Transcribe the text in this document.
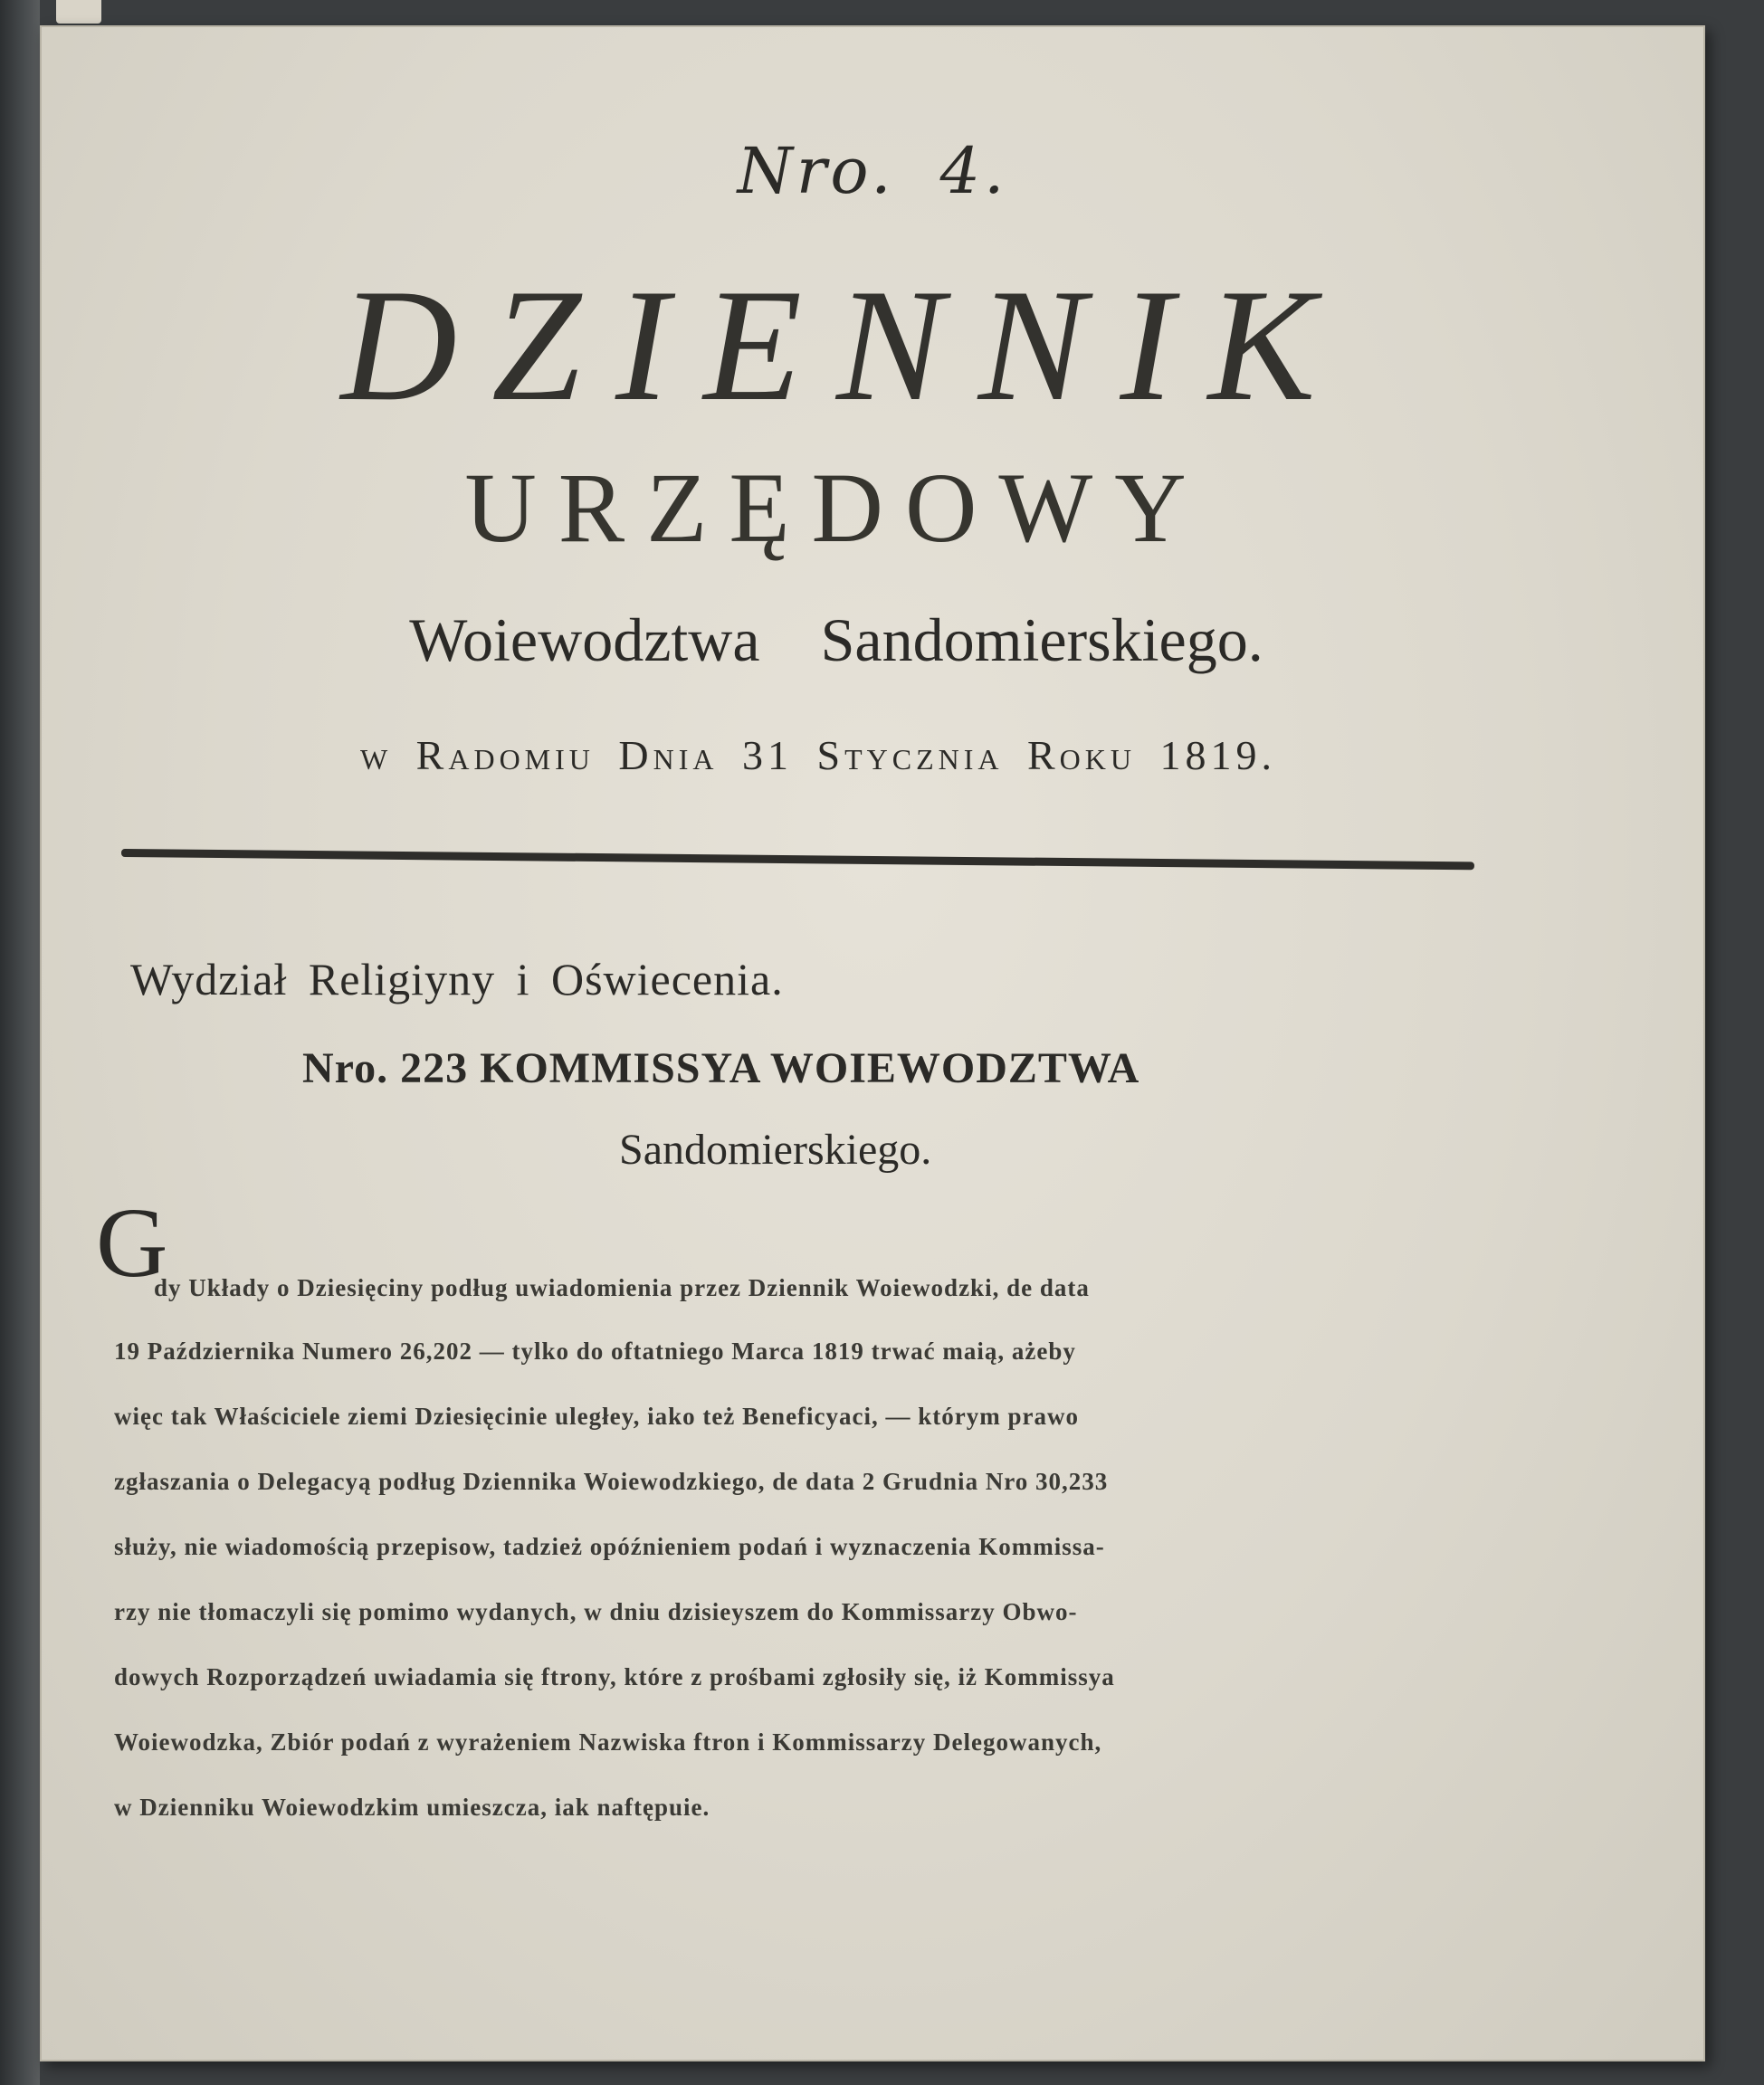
Nro. 4.
DZIENNIK
URZĘDOWY
Woiewodztwa Sandomierskiego.
w Radomiu Dnia 31 Stycznia Roku 1819.
Wydział Religiyny i Oświecenia.
Nro. 223 KOMMISSYA WOIEWODZTWA
Sandomierskiego.
G
dy Układy o Dziesięciny podług uwiadomienia przez Dziennik Woiewodzki, de data
19 Października Numero 26,202 — tylko do oftatniego Marca 1819 trwać maią, ażeby
więc tak Właściciele ziemi Dziesięcinie uległey, iako też Beneficyaci, — którym prawo
zgłaszania o Delegacyą podług Dziennika Woiewodzkiego, de data 2 Grudnia Nro 30,233
służy, nie wiadomością przepisow, tadzież opóźnieniem podań i wyznaczenia Kommissa-
rzy nie tłomaczyli się pomimo wydanych, w dniu dzisieyszem do Kommissarzy Obwo-
dowych Rozporządzeń uwiadamia się ftrony, które z prośbami zgłosiły się, iż Kommissya
Woiewodzka, Zbiór podań z wyrażeniem Nazwiska ftron i Kommissarzy Delegowanych,
w Dzienniku Woiewodzkim umieszcza, iak naftępuie.
